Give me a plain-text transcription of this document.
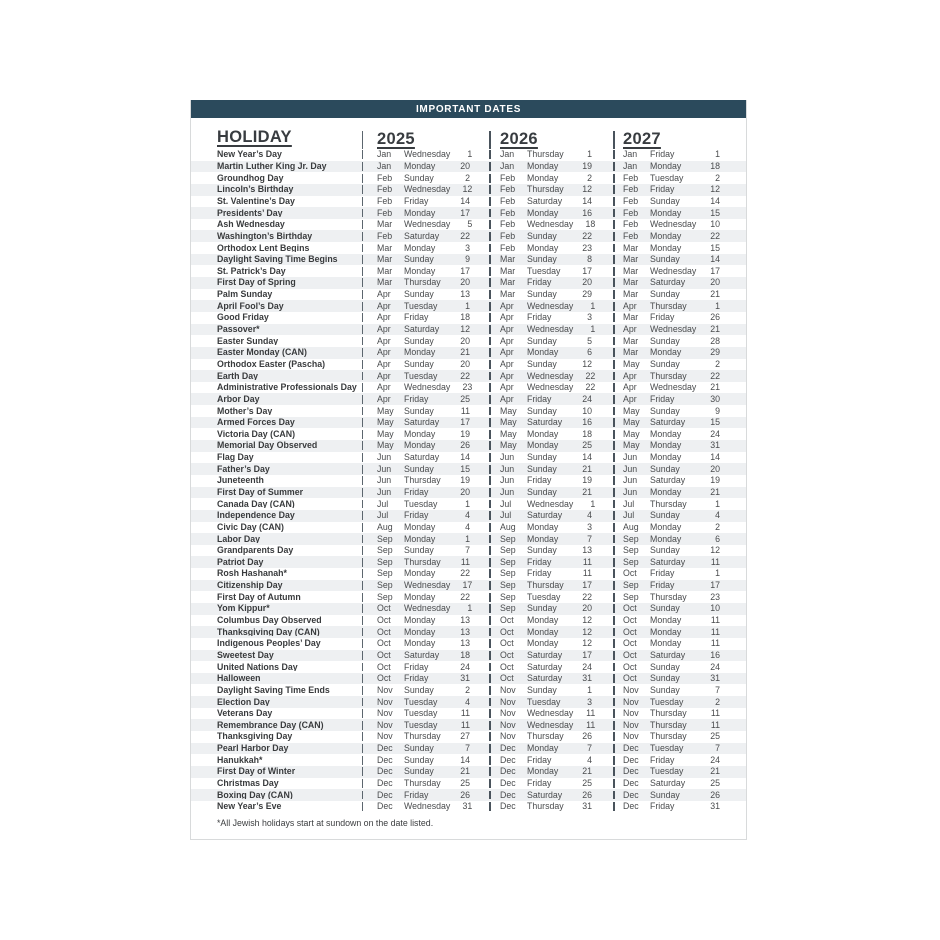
IMPORTANT DATES
HOLIDAY	2025	2026	2027
New Year’s Day	Jan	Wednesday	1	Jan	Thursday	1	Jan	Friday	1
Martin Luther King Jr. Day	Jan	Monday	20	Jan	Monday	19	Jan	Monday	18
Groundhog Day	Feb	Sunday	2	Feb	Monday	2	Feb	Tuesday	2
Lincoln’s Birthday	Feb	Wednesday	12	Feb	Thursday	12	Feb	Friday	12
St. Valentine’s Day	Feb	Friday	14	Feb	Saturday	14	Feb	Sunday	14
Presidents’ Day	Feb	Monday	17	Feb	Monday	16	Feb	Monday	15
Ash Wednesday	Mar	Wednesday	5	Feb	Wednesday	18	Feb	Wednesday	10
Washington’s Birthday	Feb	Saturday	22	Feb	Sunday	22	Feb	Monday	22
Orthodox Lent Begins	Mar	Monday	3	Feb	Monday	23	Mar	Monday	15
Daylight Saving Time Begins	Mar	Sunday	9	Mar	Sunday	8	Mar	Sunday	14
St. Patrick’s Day	Mar	Monday	17	Mar	Tuesday	17	Mar	Wednesday	17
First Day of Spring	Mar	Thursday	20	Mar	Friday	20	Mar	Saturday	20
Palm Sunday	Apr	Sunday	13	Mar	Sunday	29	Mar	Sunday	21
April Fool’s Day	Apr	Tuesday	1	Apr	Wednesday	1	Apr	Thursday	1
Good Friday	Apr	Friday	18	Apr	Friday	3	Mar	Friday	26
Passover*	Apr	Saturday	12	Apr	Wednesday	1	Apr	Wednesday	21
Easter Sunday	Apr	Sunday	20	Apr	Sunday	5	Mar	Sunday	28
Easter Monday (CAN)	Apr	Monday	21	Apr	Monday	6	Mar	Monday	29
Orthodox Easter (Pascha)	Apr	Sunday	20	Apr	Sunday	12	May	Sunday	2
Earth Day	Apr	Tuesday	22	Apr	Wednesday	22	Apr	Thursday	22
Administrative Professionals Day	Apr	Wednesday	23	Apr	Wednesday	22	Apr	Wednesday	21
Arbor Day	Apr	Friday	25	Apr	Friday	24	Apr	Friday	30
Mother’s Day	May	Sunday	11	May	Sunday	10	May	Sunday	9
Armed Forces Day	May	Saturday	17	May	Saturday	16	May	Saturday	15
Victoria Day (CAN)	May	Monday	19	May	Monday	18	May	Monday	24
Memorial Day Observed	May	Monday	26	May	Monday	25	May	Monday	31
Flag Day	Jun	Saturday	14	Jun	Sunday	14	Jun	Monday	14
Father’s Day	Jun	Sunday	15	Jun	Sunday	21	Jun	Sunday	20
Juneteenth	Jun	Thursday	19	Jun	Friday	19	Jun	Saturday	19
First Day of Summer	Jun	Friday	20	Jun	Sunday	21	Jun	Monday	21
Canada Day (CAN)	Jul	Tuesday	1	Jul	Wednesday	1	Jul	Thursday	1
Independence Day	Jul	Friday	4	Jul	Saturday	4	Jul	Sunday	4
Civic Day (CAN)	Aug	Monday	4	Aug	Monday	3	Aug	Monday	2
Labor Day	Sep	Monday	1	Sep	Monday	7	Sep	Monday	6
Grandparents Day	Sep	Sunday	7	Sep	Sunday	13	Sep	Sunday	12
Patriot Day	Sep	Thursday	11	Sep	Friday	11	Sep	Saturday	11
Rosh Hashanah*	Sep	Monday	22	Sep	Friday	11	Oct	Friday	1
Citizenship Day	Sep	Wednesday	17	Sep	Thursday	17	Sep	Friday	17
First Day of Autumn	Sep	Monday	22	Sep	Tuesday	22	Sep	Thursday	23
Yom Kippur*	Oct	Wednesday	1	Sep	Sunday	20	Oct	Sunday	10
Columbus Day Observed	Oct	Monday	13	Oct	Monday	12	Oct	Monday	11
Thanksgiving Day (CAN)	Oct	Monday	13	Oct	Monday	12	Oct	Monday	11
Indigenous Peoples’ Day	Oct	Monday	13	Oct	Monday	12	Oct	Monday	11
Sweetest Day	Oct	Saturday	18	Oct	Saturday	17	Oct	Saturday	16
United Nations Day	Oct	Friday	24	Oct	Saturday	24	Oct	Sunday	24
Halloween	Oct	Friday	31	Oct	Saturday	31	Oct	Sunday	31
Daylight Saving Time Ends	Nov	Sunday	2	Nov	Sunday	1	Nov	Sunday	7
Election Day	Nov	Tuesday	4	Nov	Tuesday	3	Nov	Tuesday	2
Veterans Day	Nov	Tuesday	11	Nov	Wednesday	11	Nov	Thursday	11
Remembrance Day (CAN)	Nov	Tuesday	11	Nov	Wednesday	11	Nov	Thursday	11
Thanksgiving Day	Nov	Thursday	27	Nov	Thursday	26	Nov	Thursday	25
Pearl Harbor Day	Dec	Sunday	7	Dec	Monday	7	Dec	Tuesday	7
Hanukkah*	Dec	Sunday	14	Dec	Friday	4	Dec	Friday	24
First Day of Winter	Dec	Sunday	21	Dec	Monday	21	Dec	Tuesday	21
Christmas Day	Dec	Thursday	25	Dec	Friday	25	Dec	Saturday	25
Boxing Day (CAN)	Dec	Friday	26	Dec	Saturday	26	Dec	Sunday	26
New Year’s Eve	Dec	Wednesday	31	Dec	Thursday	31	Dec	Friday	31
*All Jewish holidays start at sundown on the date listed.
